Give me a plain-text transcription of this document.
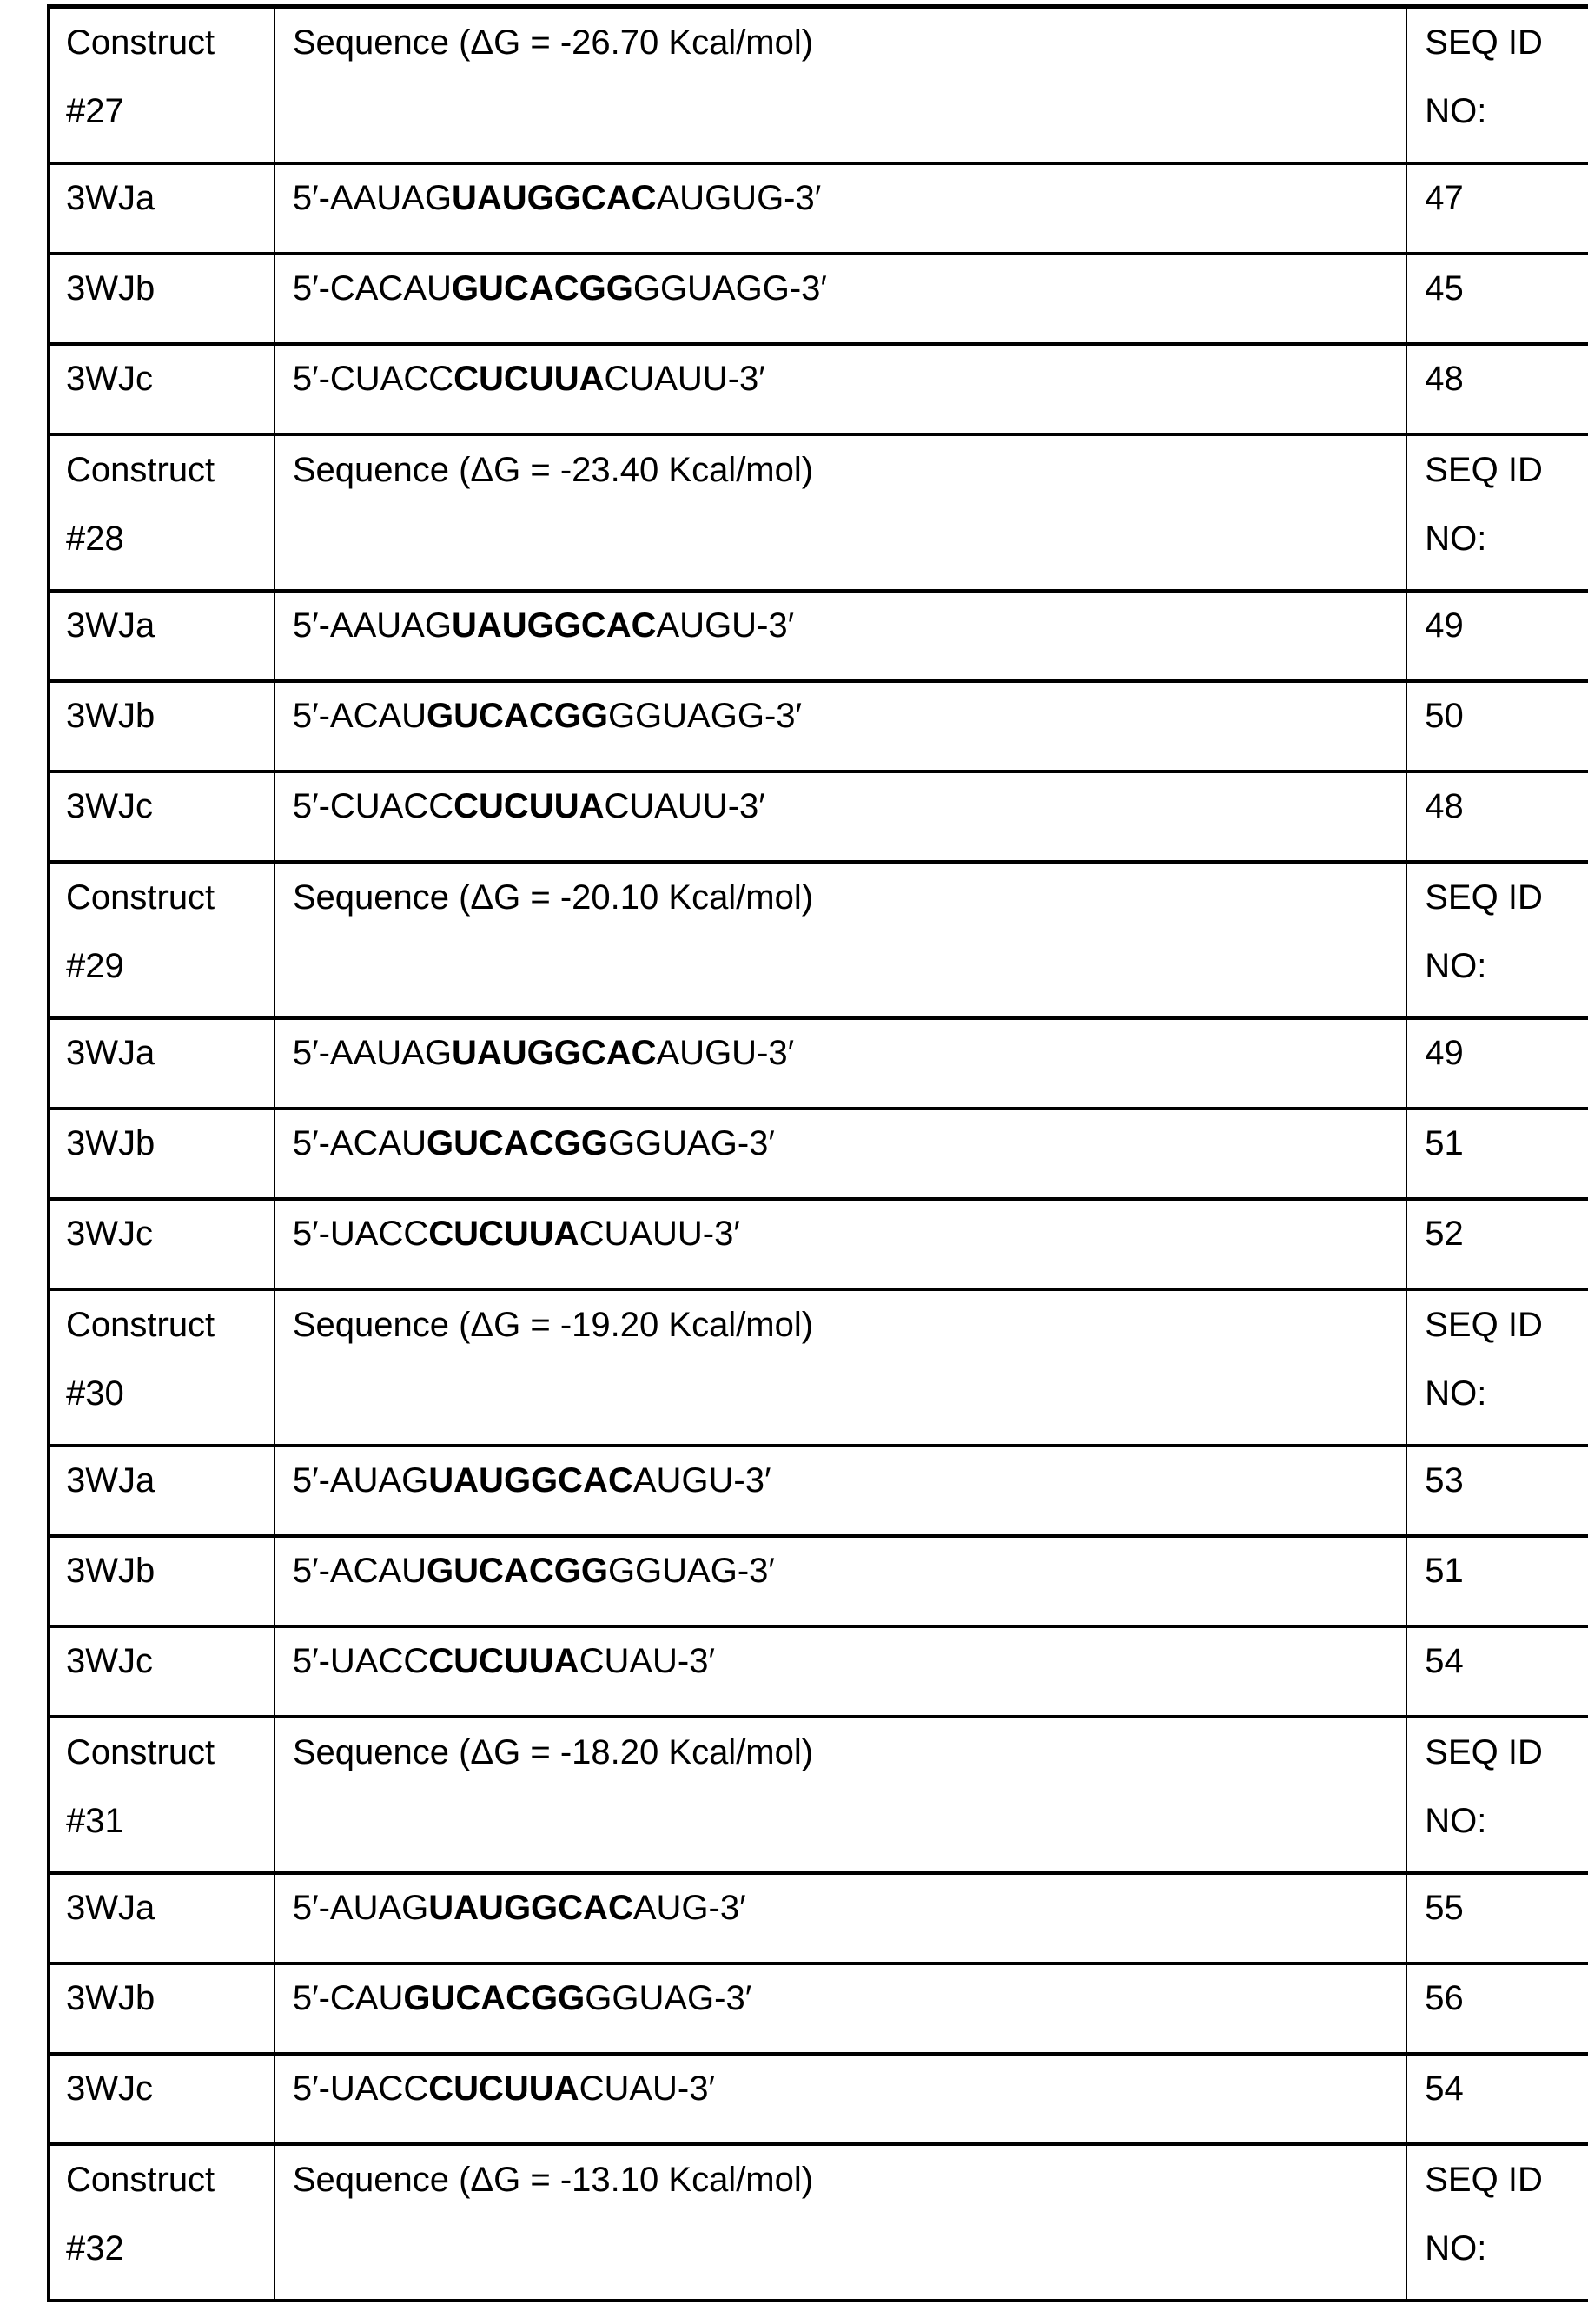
Construct
#27	Sequence (ΔG = -26.70 Kcal/mol)	SEQ ID
NO:
3WJa	5′-AAUAGUAUGGCACAUGUG-3′	47
3WJb	5′-CACAUGUCACGGGGUAGG-3′	45
3WJc	5′-CUACCCUCUUACUAUU-3′	48
Construct
#28	Sequence (ΔG = -23.40 Kcal/mol)	SEQ ID
NO:
3WJa	5′-AAUAGUAUGGCACAUGU-3′	49
3WJb	5′-ACAUGUCACGGGGUAGG-3′	50
3WJc	5′-CUACCCUCUUACUAUU-3′	48
Construct
#29	Sequence (ΔG = -20.10 Kcal/mol)	SEQ ID
NO:
3WJa	5′-AAUAGUAUGGCACAUGU-3′	49
3WJb	5′-ACAUGUCACGGGGUAG-3′	51
3WJc	5′-UACCCUCUUACUAUU-3′	52
Construct
#30	Sequence (ΔG = -19.20 Kcal/mol)	SEQ ID
NO:
3WJa	5′-AUAGUAUGGCACAUGU-3′	53
3WJb	5′-ACAUGUCACGGGGUAG-3′	51
3WJc	5′-UACCCUCUUACUAU-3′	54
Construct
#31	Sequence (ΔG = -18.20 Kcal/mol)	SEQ ID
NO:
3WJa	5′-AUAGUAUGGCACAUG-3′	55
3WJb	5′-CAUGUCACGGGGUAG-3′	56
3WJc	5′-UACCCUCUUACUAU-3′	54
Construct
#32	Sequence (ΔG = -13.10 Kcal/mol)	SEQ ID
NO:
